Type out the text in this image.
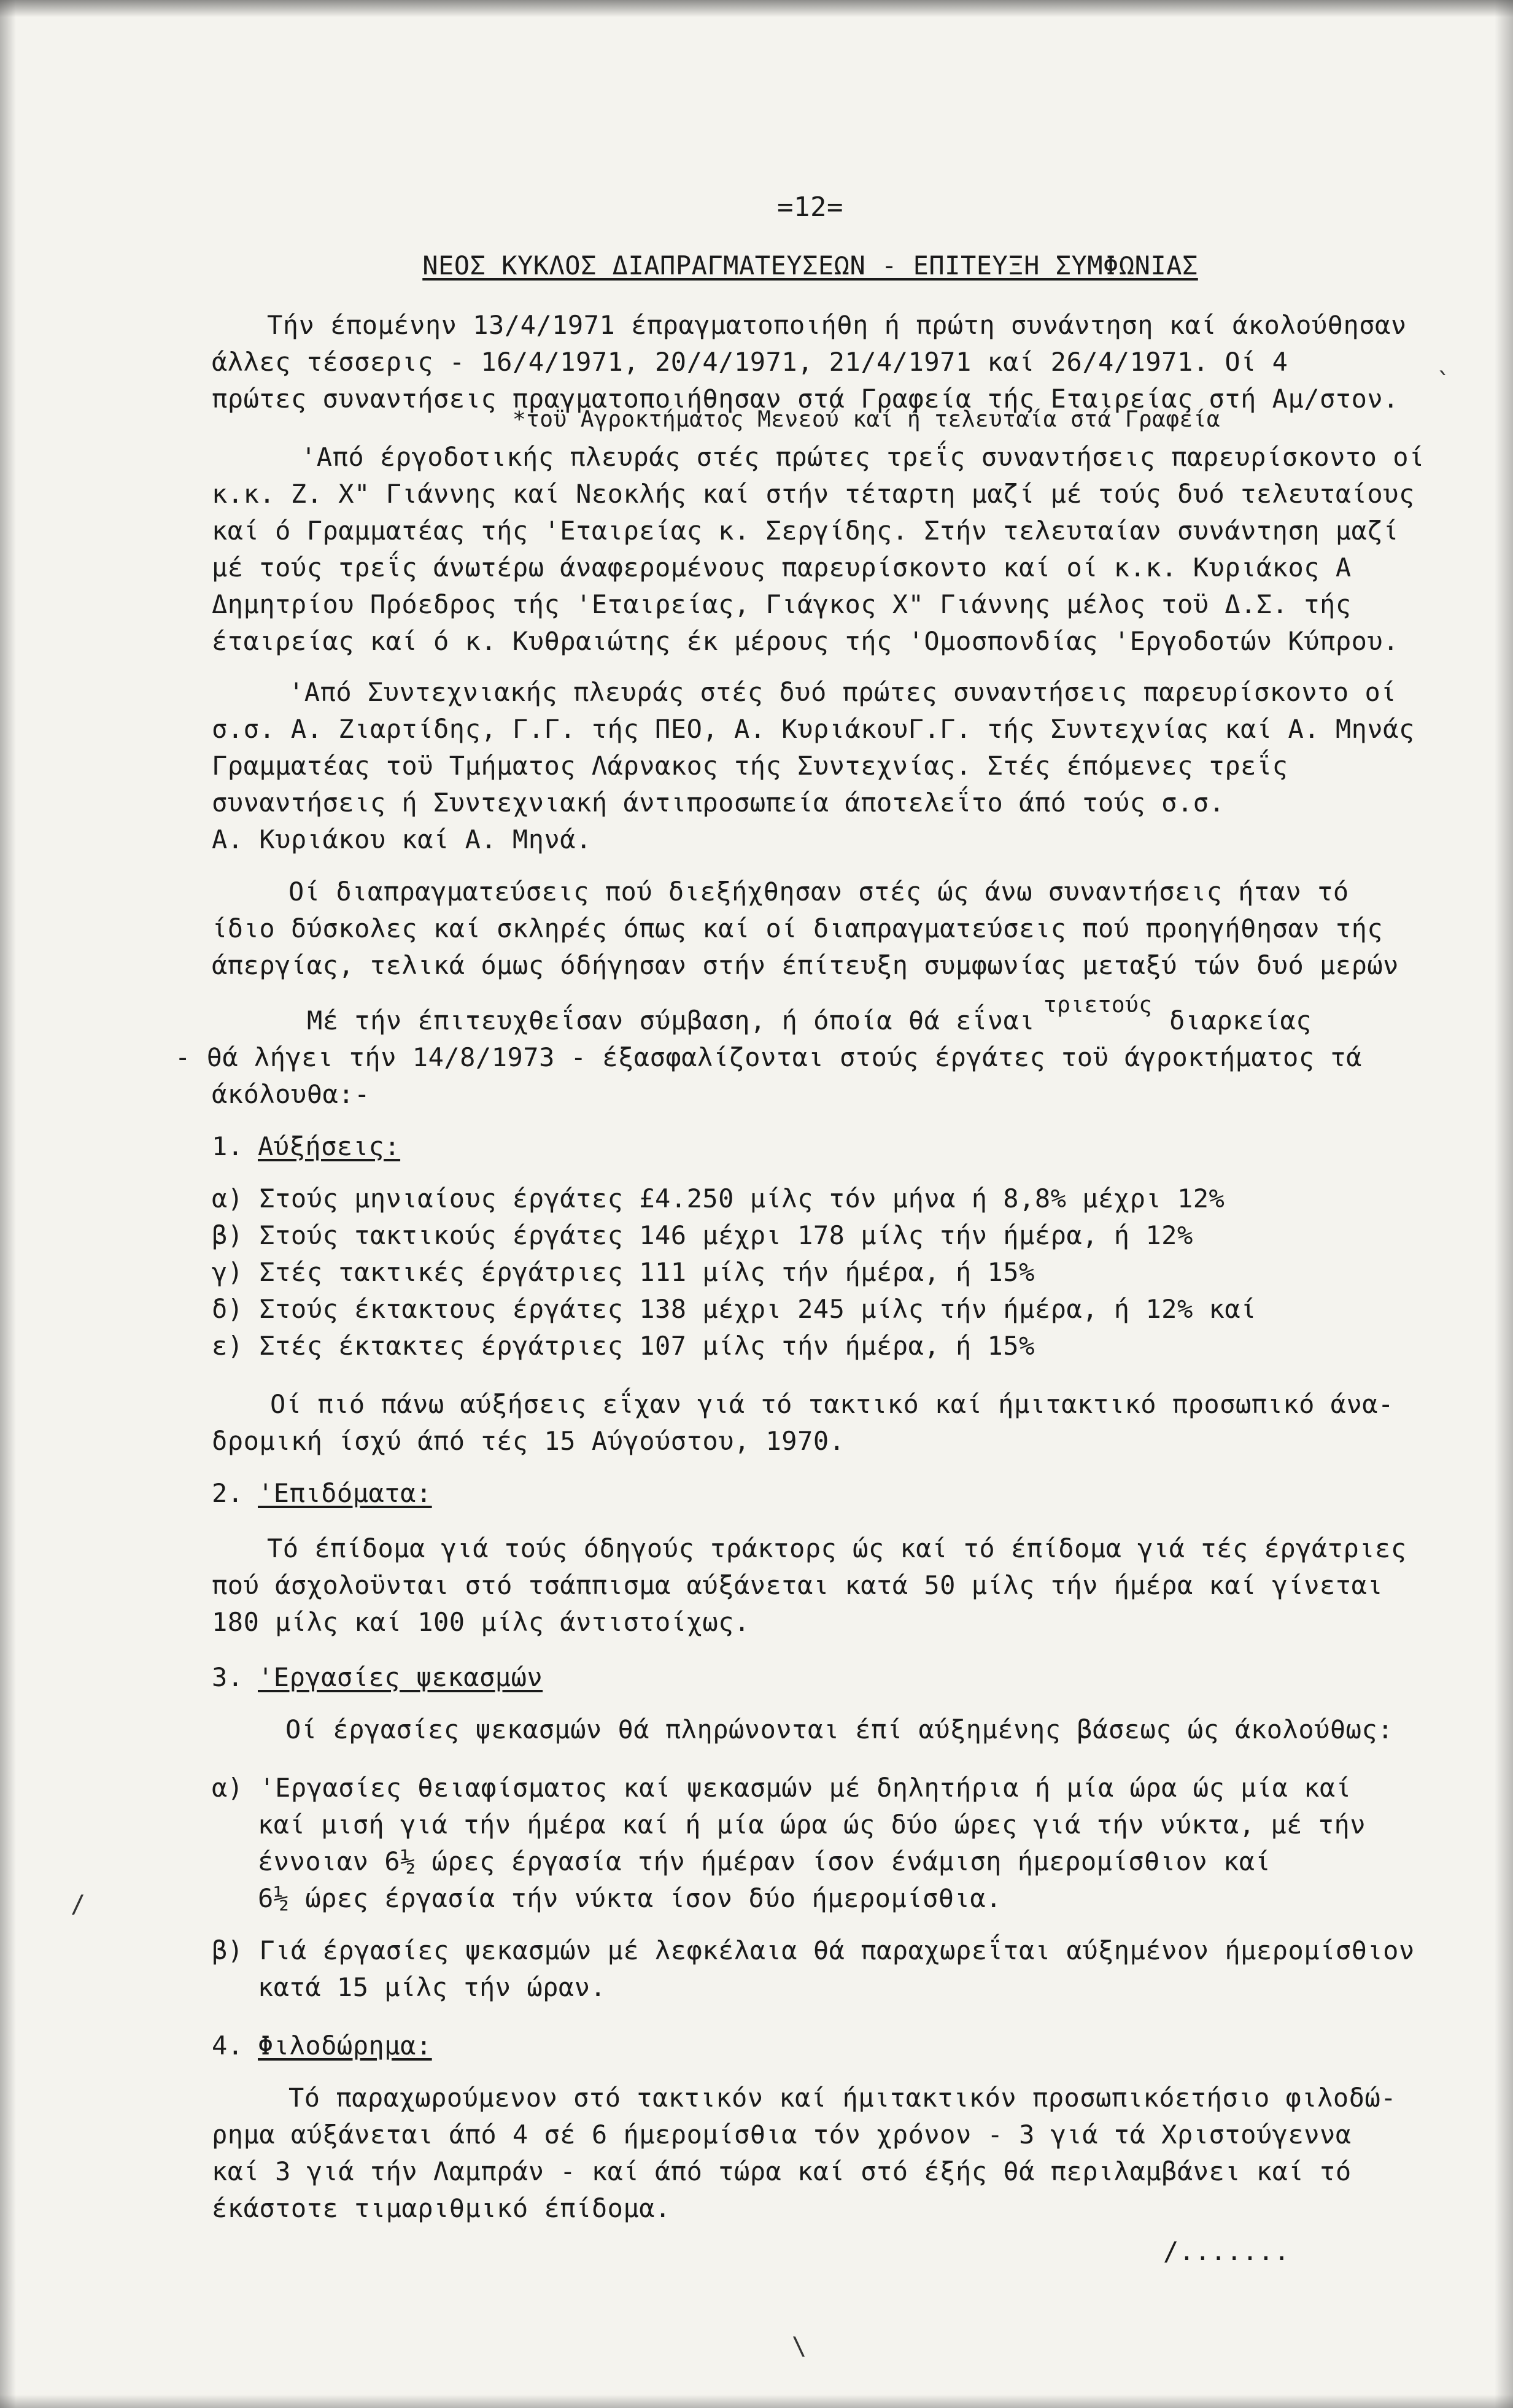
=12=
ΝΕΟΣ ΚΥΚΛΟΣ ΔΙΑΠΡΑΓΜΑΤΕΥΣΕΩΝ - ΕΠΙΤΕΥΞΗ ΣΥΜΦΩΝΙΑΣ
Τήν έπομένην 13/4/1971 έπραγματοποιήθη ή πρώτη συνάντηση καί άκολούθησαν
άλλες τέσσερις - 16/4/1971, 20/4/1971, 21/4/1971 καί 26/4/1971. Οί 4
πρώτες συναντήσεις πραγματοποιήθησαν στά Γραφεία τής Εταιρείας στή Αμ/στον.
*τοϋ Αγροκτήματος Μενεού καί ή τελευταία στά Γραφεία
'Από έργοδοτικής πλευράς στές πρώτες τρεΐς συναντήσεις παρευρίσκοντο οί
κ.κ. Ζ. Χ" Γιάννης καί Νεοκλής καί στήν τέταρτη μαζί μέ τούς δυό τελευταίους
καί ό Γραμματέας τής 'Εταιρείας κ. Σεργίδης. Στήν τελευταίαν συνάντηση μαζί
μέ τούς τρεΐς άνωτέρω άναφερομένους παρευρίσκοντο καί οί κ.κ. Κυριάκος Α
Δημητρίου Πρόεδρος τής 'Εταιρείας, Γιάγκος Χ" Γιάννης μέλος τοϋ Δ.Σ. τής
έταιρείας καί ό κ. Κυθραιώτης έκ μέρους τής 'Ομοσπονδίας 'Εργοδοτών Κύπρου.
'Από Συντεχνιακής πλευράς στές δυό πρώτες συναντήσεις παρευρίσκοντο οί
σ.σ. Α. Ζιαρτίδης, Γ.Γ. τής ΠΕΟ, Α. ΚυριάκουΓ.Γ. τής Συντεχνίας καί Α. Μηνάς
Γραμματέας τοϋ Τμήματος Λάρνακος τής Συντεχνίας. Στές έπόμενες τρεΐς
συναντήσεις ή Συντεχνιακή άντιπροσωπεία άποτελεΐτο άπό τούς σ.σ.
Α. Κυριάκου καί Α. Μηνά.
Οί διαπραγματεύσεις πού διεξήχθησαν στές ώς άνω συναντήσεις ήταν τό
ίδιο δύσκολες καί σκληρές όπως καί οί διαπραγματεύσεις πού προηγήθησαν τής
άπεργίας, τελικά όμως όδήγησαν στήν έπίτευξη συμφωνίας μεταξύ τών δυό μερών
Μέ τήν έπιτευχθεΐσαν σύμβαση, ή όποία θά εΐναι
τριετούς
διαρκείας
- θά λήγει τήν 14/8/1973 - έξασφαλίζονται στούς έργάτες τοϋ άγροκτήματος τά
άκόλουθα:-
1. Αύξήσεις:
α) Στούς μηνιαίους έργάτες £4.250 μίλς τόν μήνα ή 8,8% μέχρι 12%
β) Στούς τακτικούς έργάτες 146 μέχρι 178 μίλς τήν ήμέρα, ή 12%
γ) Στές τακτικές έργάτριες 111 μίλς τήν ήμέρα, ή 15%
δ) Στούς έκτακτους έργάτες 138 μέχρι 245 μίλς τήν ήμέρα, ή 12% καί
ε) Στές έκτακτες έργάτριες 107 μίλς τήν ήμέρα, ή 15%
Οί πιό πάνω αύξήσεις εΐχαν γιά τό τακτικό καί ήμιτακτικό προσωπικό άνα-
δρομική ίσχύ άπό τές 15 Αύγούστου, 1970.
2. 'Επιδόματα:
Τό έπίδομα γιά τούς όδηγούς τράκτορς ώς καί τό έπίδομα γιά τές έργάτριες
πού άσχολοϋνται στό τσάππισμα αύξάνεται κατά 50 μίλς τήν ήμέρα καί γίνεται
180 μίλς καί 100 μίλς άντιστοίχως.
3. 'Εργασίες ψεκασμών
Οί έργασίες ψεκασμών θά πληρώνονται έπί αύξημένης βάσεως ώς άκολούθως:
α) 'Εργασίες θειαφίσματος καί ψεκασμών μέ δηλητήρια ή μία ώρα ώς μία καί
καί μισή γιά τήν ήμέρα καί ή μία ώρα ώς δύο ώρες γιά τήν νύκτα, μέ τήν
έννοιαν 6½ ώρες έργασία τήν ήμέραν ίσον ένάμιση ήμερομίσθιον καί
6½ ώρες έργασία τήν νύκτα ίσον δύο ήμερομίσθια.
β) Γιά έργασίες ψεκασμών μέ λεφκέλαια θά παραχωρεΐται αύξημένον ήμερομίσθιον
κατά 15 μίλς τήν ώραν.
4. Φιλοδώρημα:
Τό παραχωρούμενον στό τακτικόν καί ήμιτακτικόν προσωπικόετήσιο φιλοδώ-
ρημα αύξάνεται άπό 4 σέ 6 ήμερομίσθια τόν χρόνον - 3 γιά τά Χριστούγεννα
καί 3 γιά τήν Λαμπράν - καί άπό τώρα καί στό έξής θά περιλαμβάνει καί τό
έκάστοτε τιμαριθμικό έπίδομα.
/.......
`
/
\
